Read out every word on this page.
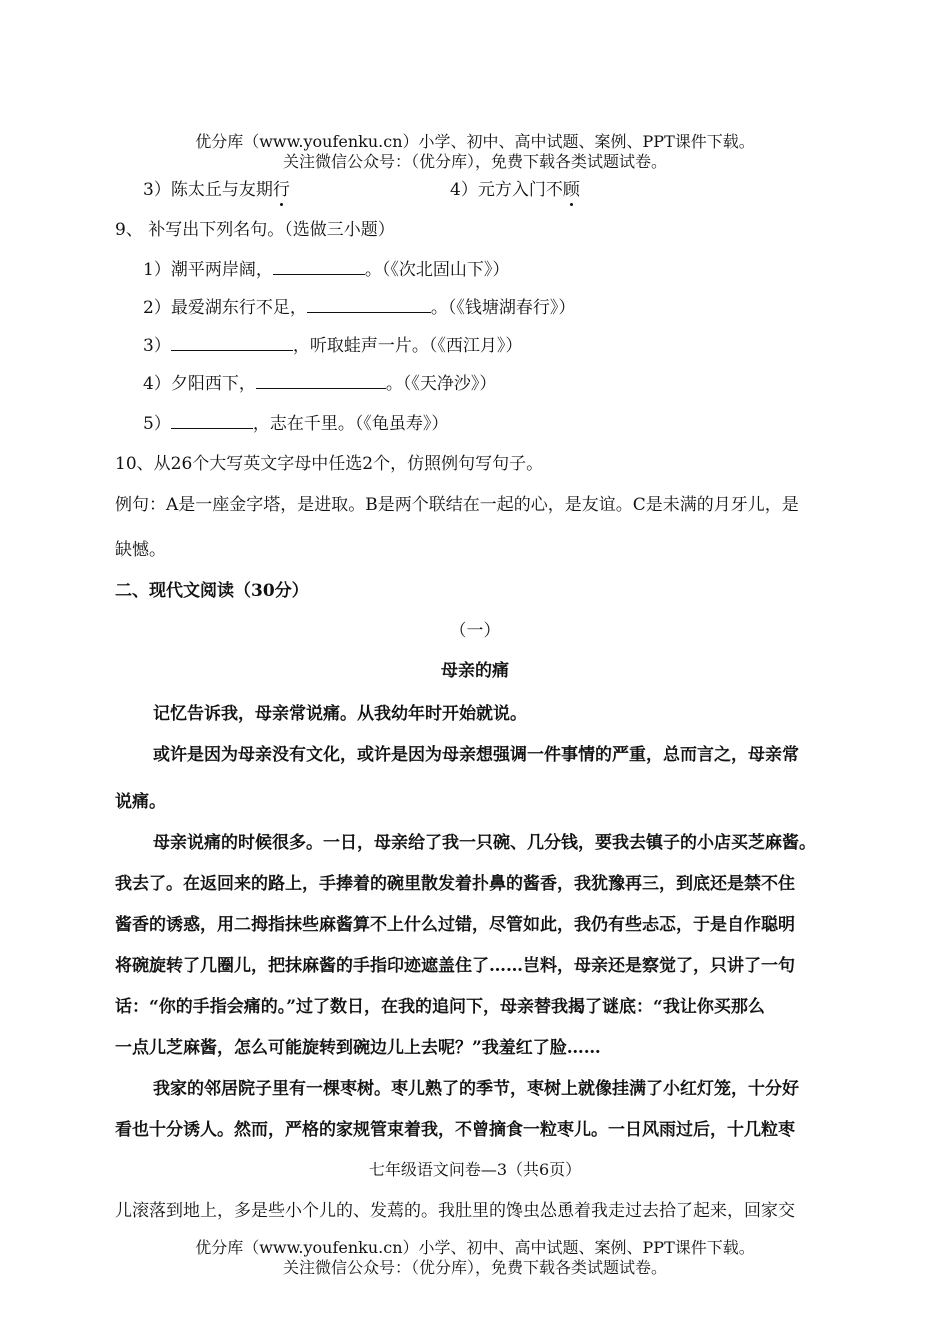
优分库（www.youfenku.cn）小学、初中、高中试题、案例、PPT课件下载。
关注微信公众号：（优分库），免费下载各类试题试卷。
3）陈太丘与友期行	4）元方入门不顾
9、 补写出下列名句。（选做三小题）
1）潮平两岸阔，	。（《次北固山下》）
2）最爱湖东行不足，	。（《钱塘湖春行》）
3）	，听取蛙声一片。（《西江月》）
4）夕阳西下，	。（《天净沙》）
5）	，志在千里。（《龟虽寿》）
10、从26个大写英文字母中任选2个，仿照例句写句子。
例句：A是一座金字塔，是进取。B是两个联结在一起的心，是友谊。C是未满的月牙儿，是
缺憾。
二、现代文阅读（30分）
（一）
母亲的痛
记忆告诉我，母亲常说痛。从我幼年时开始就说。
或许是因为母亲没有文化，或许是因为母亲想强调一件事情的严重，总而言之，母亲常
说痛。
母亲说痛的时候很多。一日，母亲给了我一只碗、几分钱，要我去镇子的小店买芝麻酱。
我去了。在返回来的路上，手捧着的碗里散发着扑鼻的酱香，我犹豫再三，到底还是禁不住
酱香的诱惑，用二拇指抹些麻酱算不上什么过错，尽管如此，我仍有些忐忑，于是自作聪明
将碗旋转了几圈儿，把抹麻酱的手指印迹遮盖住了……岂料，母亲还是察觉了，只讲了一句
话：“你的手指会痛的。”过了数日，在我的追问下，母亲替我揭了谜底：“我让你买那么
一点儿芝麻酱，怎么可能旋转到碗边儿上去呢？”我羞红了脸……
我家的邻居院子里有一棵枣树。枣儿熟了的季节，枣树上就像挂满了小红灯笼，十分好
看也十分诱人。然而，严格的家规管束着我，不曾摘食一粒枣儿。一日风雨过后，十几粒枣
七年级语文问卷—3（共6页）
儿滚落到地上，多是些小个儿的、发蔫的。我肚里的馋虫怂恿着我走过去拾了起来，回家交
优分库（www.youfenku.cn）小学、初中、高中试题、案例、PPT课件下载。
关注微信公众号：（优分库），免费下载各类试题试卷。
